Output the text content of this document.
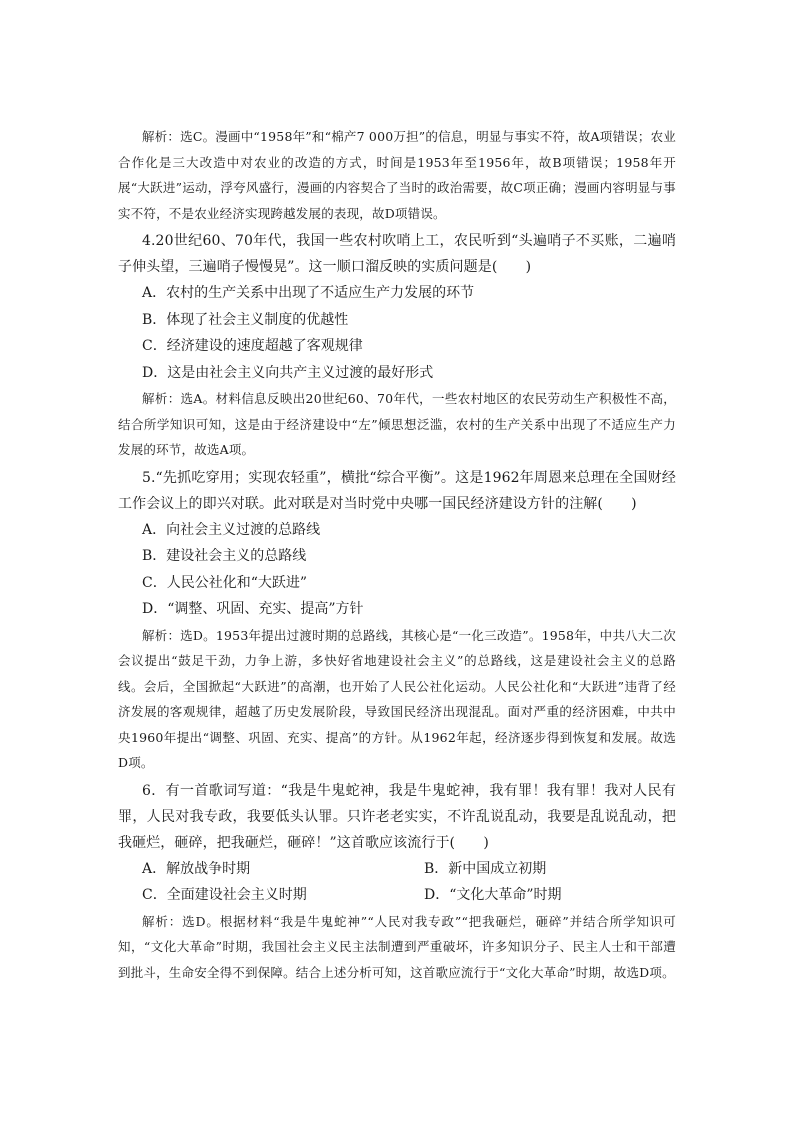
解析：选C。漫画中“1958年”和“棉产7 000万担”的信息，明显与事实不符，故A项错误；农业合作化是三大改造中对农业的改造的方式，时间是1953年至1956年，故B项错误；1958年开展“大跃进”运动，浮夸风盛行，漫画的内容契合了当时的政治需要，故C项正确；漫画内容明显与事实不符，不是农业经济实现跨越发展的表现，故D项错误。

4.20世纪60、70年代，我国一些农村吹哨上工，农民听到“头遍哨子不买账，二遍哨子伸头望，三遍哨子慢慢晃”。这一顺口溜反映的实质问题是(　　)

A．农村的生产关系中出现了不适应生产力发展的环节

B．体现了社会主义制度的优越性

C．经济建设的速度超越了客观规律

D．这是由社会主义向共产主义过渡的最好形式

解析：选A。材料信息反映出20世纪60、70年代，一些农村地区的农民劳动生产积极性不高，结合所学知识可知，这是由于经济建设中“左”倾思想泛滥，农村的生产关系中出现了不适应生产力发展的环节，故选A项。

5.“先抓吃穿用；实现农轻重”，横批“综合平衡”。这是1962年周恩来总理在全国财经工作会议上的即兴对联。此对联是对当时党中央哪一国民经济建设方针的注解(　　)

A．向社会主义过渡的总路线

B．建设社会主义的总路线

C．人民公社化和“大跃进”

D．“调整、巩固、充实、提高”方针

解析：选D。1953年提出过渡时期的总路线，其核心是“一化三改造”。1958年，中共八大二次会议提出“鼓足干劲，力争上游，多快好省地建设社会主义”的总路线，这是建设社会主义的总路线。会后，全国掀起“大跃进”的高潮，也开始了人民公社化运动。人民公社化和“大跃进”违背了经济发展的客观规律，超越了历史发展阶段，导致国民经济出现混乱。面对严重的经济困难，中共中央1960年提出“调整、巩固、充实、提高”的方针。从1962年起，经济逐步得到恢复和发展。故选D项。

6．有一首歌词写道：“我是牛鬼蛇神，我是牛鬼蛇神，我有罪！我有罪！我对人民有罪，人民对我专政，我要低头认罪。只许老老实实，不许乱说乱动，我要是乱说乱动，把我砸烂，砸碎，把我砸烂，砸碎！”这首歌应该流行于(　　)

A．解放战争时期	B．新中国成立初期

C．全面建设社会主义时期	D．“文化大革命”时期

解析：选D。根据材料“我是牛鬼蛇神”“人民对我专政”“把我砸烂，砸碎”并结合所学知识可知，“文化大革命”时期，我国社会主义民主法制遭到严重破坏，许多知识分子、民主人士和干部遭到批斗，生命安全得不到保障。结合上述分析可知，这首歌应流行于“文化大革命”时期，故选D项。
